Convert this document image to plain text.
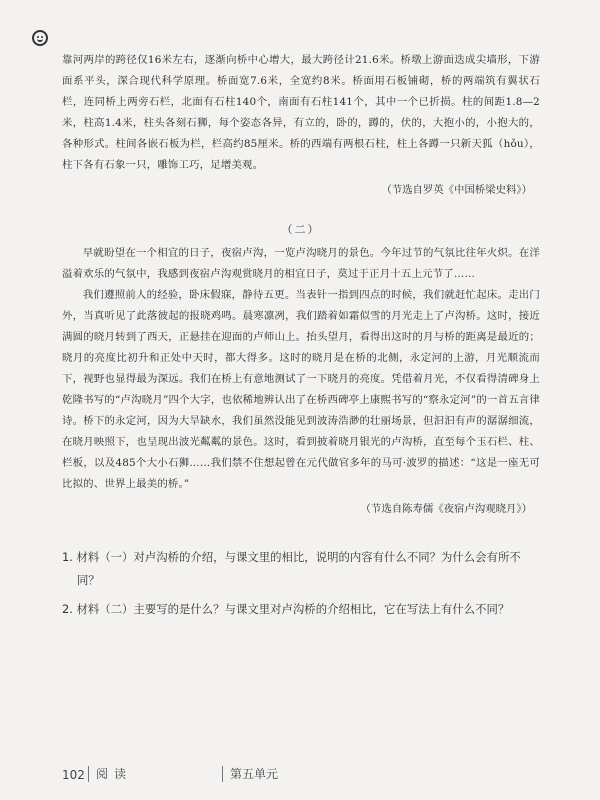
靠河两岸的跨径仅16米左右，逐渐向桥中心增大，最大跨径计21.6米。桥墩上游面迭成尖墙形，下游面系平头，深合现代科学原理。桥面宽7.6米，全宽约8米。桥面用石板铺砌，桥的两端筑有翼状石栏，连同桥上两旁石栏，北面有石柱140个，南面有石柱141个，其中一个已折损。柱的间距1.8—2米，柱高1.4米，柱头各刻石狮，每个姿态各异，有立的，卧的，蹲的，伏的，大抱小的，小抱大的，各种形式。柱间各嵌石板为栏，栏高约85厘米。桥的西端有两根石柱，柱上各蹲一只新天狐（hǒu），柱下各有石象一只，雕饰工巧，足增美观。

（节选自罗英《中国桥梁史料》）

（二）

早就盼望在一个相宜的日子，夜宿卢沟，一览卢沟晓月的景色。今年过节的气氛比往年火炽。在洋溢着欢乐的气氛中，我感到夜宿卢沟观赏晓月的相宜日子，莫过于正月十五上元节了……

我们遵照前人的经验，卧床假寐，静待五更。当表针一指到四点的时候，我们就赶忙起床。走出门外，当真听见了此落彼起的报晓鸡鸣。晨寒凛冽，我们踏着如霜似雪的月光走上了卢沟桥。这时，接近满圆的晓月转到了西天，正悬挂在迎面的卢师山上。抬头望月，看得出这时的月与桥的距离是最近的；晓月的亮度比初升和正处中天时，都大得多。这时的晓月是在桥的北侧，永定河的上游，月光顺流而下，视野也显得最为深远。我们在桥上有意地测试了一下晓月的亮度。凭借着月光，不仅看得清碑身上乾隆书写的“卢沟晓月”四个大字，也依稀地辨认出了在桥西碑亭上康熙书写的“察永定河”的一首五言律诗。桥下的永定河，因为大旱缺水，我们虽然没能见到波涛浩渺的壮丽场景，但汩汩有声的潺潺细流，在晓月映照下，也呈现出波光粼粼的景色。这时，看到披着晓月银光的卢沟桥，直至每个玉石栏、柱、栏板，以及485个大小石狮……我们禁不住想起曾在元代做官多年的马可·波罗的描述：“这是一座无可比拟的、世界上最美的桥。”

（节选自陈寿儒《夜宿卢沟观晓月》）

1. 材料（一）对卢沟桥的介绍，与课文里的相比，说明的内容有什么不同？为什么会有所不同？

2. 材料（二）主要写的是什么？与课文里对卢沟桥的介绍相比，它在写法上有什么不同？

102 阅读	第五单元
